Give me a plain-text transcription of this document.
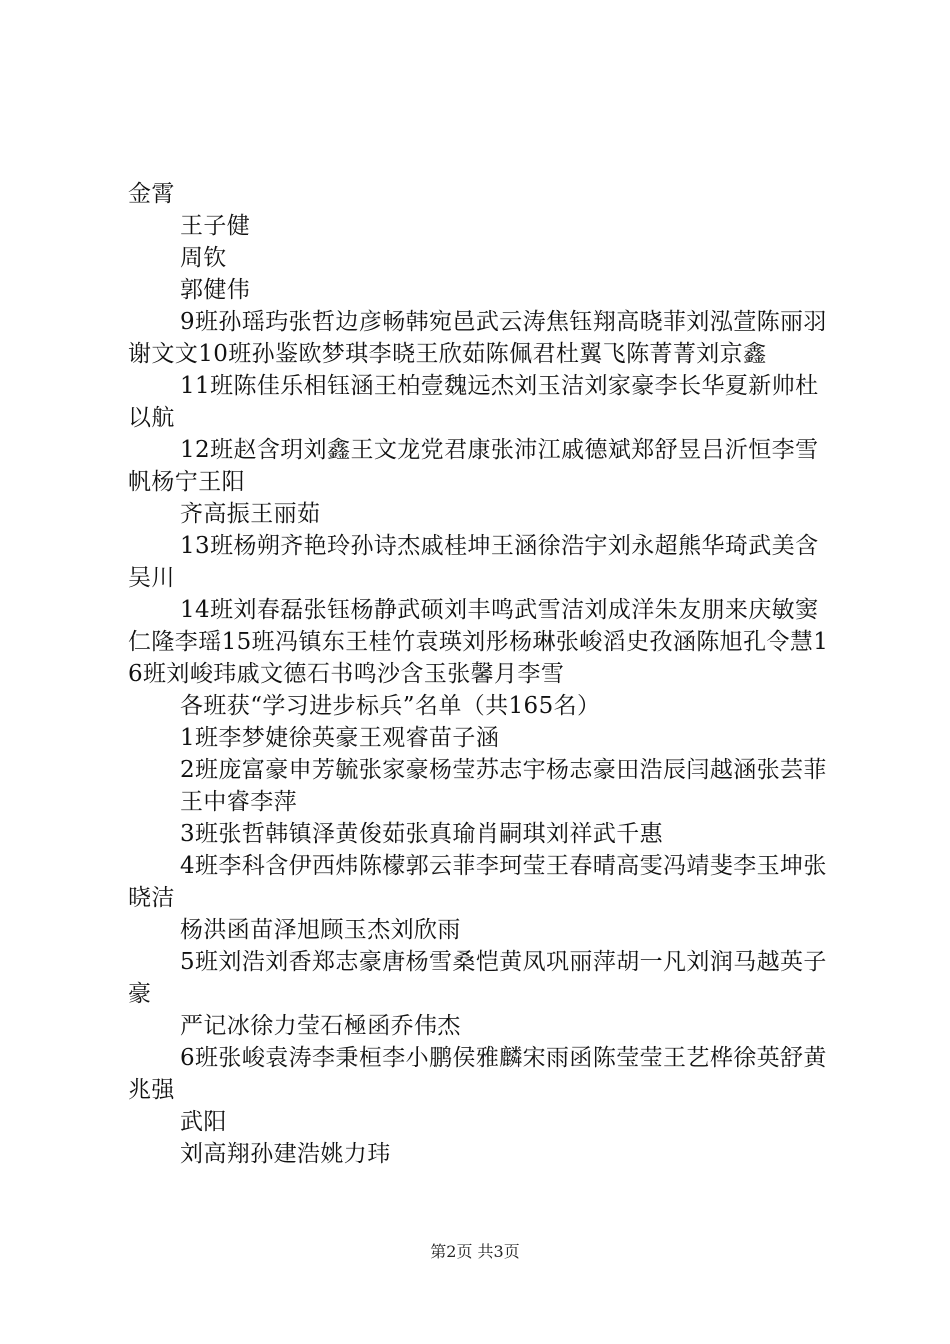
金霄

王子健

周钦

郭健伟

9班孙瑶玙张哲边彦畅韩宛邑武云涛焦钰翔高晓菲刘泓萱陈丽羽谢文文10班孙鉴欧梦琪李晓王欣茹陈佩君杜翼飞陈菁菁刘京鑫

11班陈佳乐相钰涵王柏壹魏远杰刘玉洁刘家豪李长华夏新帅杜以航

12班赵含玥刘鑫王文龙党君康张沛江戚德斌郑舒昱吕沂恒李雪帆杨宁王阳

齐高振王丽茹

13班杨朔齐艳玲孙诗杰戚桂坤王涵徐浩宇刘永超熊华琦武美含吴川

14班刘春磊张钰杨静武硕刘丰鸣武雪洁刘成洋朱友朋来庆敏窦仁隆李瑶15班冯镇东王桂竹袁瑛刘彤杨琳张峻滔史孜涵陈旭孔令慧16班刘峻玮戚文德石书鸣沙含玉张馨月李雪

各班获“学习进步标兵”名单（共165名）

1班李梦婕徐英豪王观睿苗子涵

2班庞富豪申芳毓张家豪杨莹苏志宇杨志豪田浩辰闫越涵张芸菲

王中睿李萍

3班张哲韩镇泽黄俊茹张真瑜肖嗣琪刘祥武千惠

4班李科含伊西炜陈檬郭云菲李珂莹王春晴高雯冯靖斐李玉坤张晓洁

杨洪函苗泽旭顾玉杰刘欣雨

5班刘浩刘香郑志豪唐杨雪桑恺黄凤巩丽萍胡一凡刘润马越英子豪

严记冰徐力莹石極函乔伟杰

6班张峻袁涛李秉桓李小鹏侯雅麟宋雨函陈莹莹王艺桦徐英舒黄兆强

武阳

刘高翔孙建浩姚力玮

第2页 共3页
